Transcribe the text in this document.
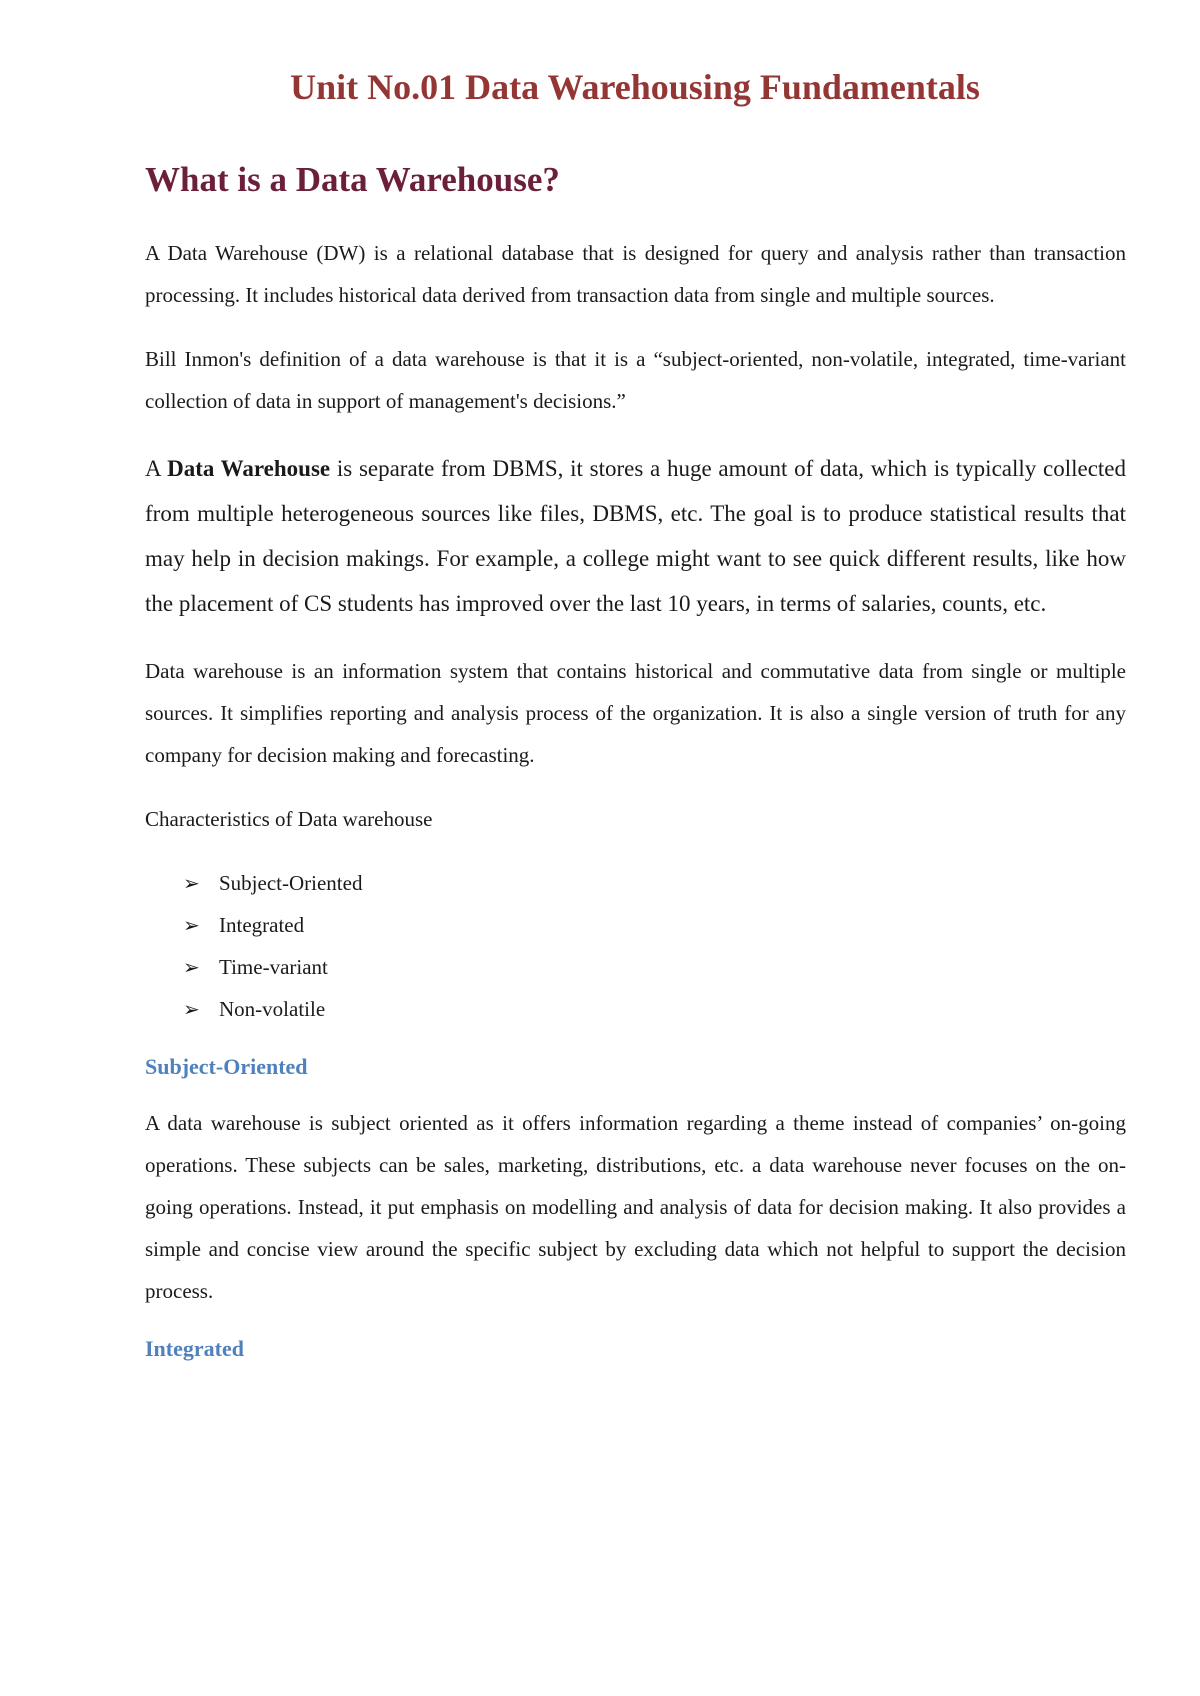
Unit No.01 Data Warehousing Fundamentals
What is a Data Warehouse?

A Data Warehouse (DW) is a relational database that is designed for query and analysis rather than transaction processing. It includes historical data derived from transaction data from single and multiple sources.

Bill Inmon's definition of a data warehouse is that it is a “subject-oriented, non-volatile, integrated, time-variant collection of data in support of management's decisions.”

A Data Warehouse is separate from DBMS, it stores a huge amount of data, which is typically collected from multiple heterogeneous sources like files, DBMS, etc. The goal is to produce statistical results that may help in decision makings. For example, a college might want to see quick different results, like how the placement of CS students has improved over the last 10 years, in terms of salaries, counts, etc.

Data warehouse is an information system that contains historical and commutative data from single or multiple sources. It simplifies reporting and analysis process of the organization. It is also a single version of truth for any company for decision making and forecasting.

Characteristics of Data warehouse

➢ Subject-Oriented
➢ Integrated
➢ Time-variant
➢ Non-volatile
Subject-Oriented

A data warehouse is subject oriented as it offers information regarding a theme instead of companies’ on-going operations. These subjects can be sales, marketing, distributions, etc. a data warehouse never focuses on the on-going operations. Instead, it put emphasis on modelling and analysis of data for decision making. It also provides a simple and concise view around the specific subject by excluding data which not helpful to support the decision process.

Integrated
